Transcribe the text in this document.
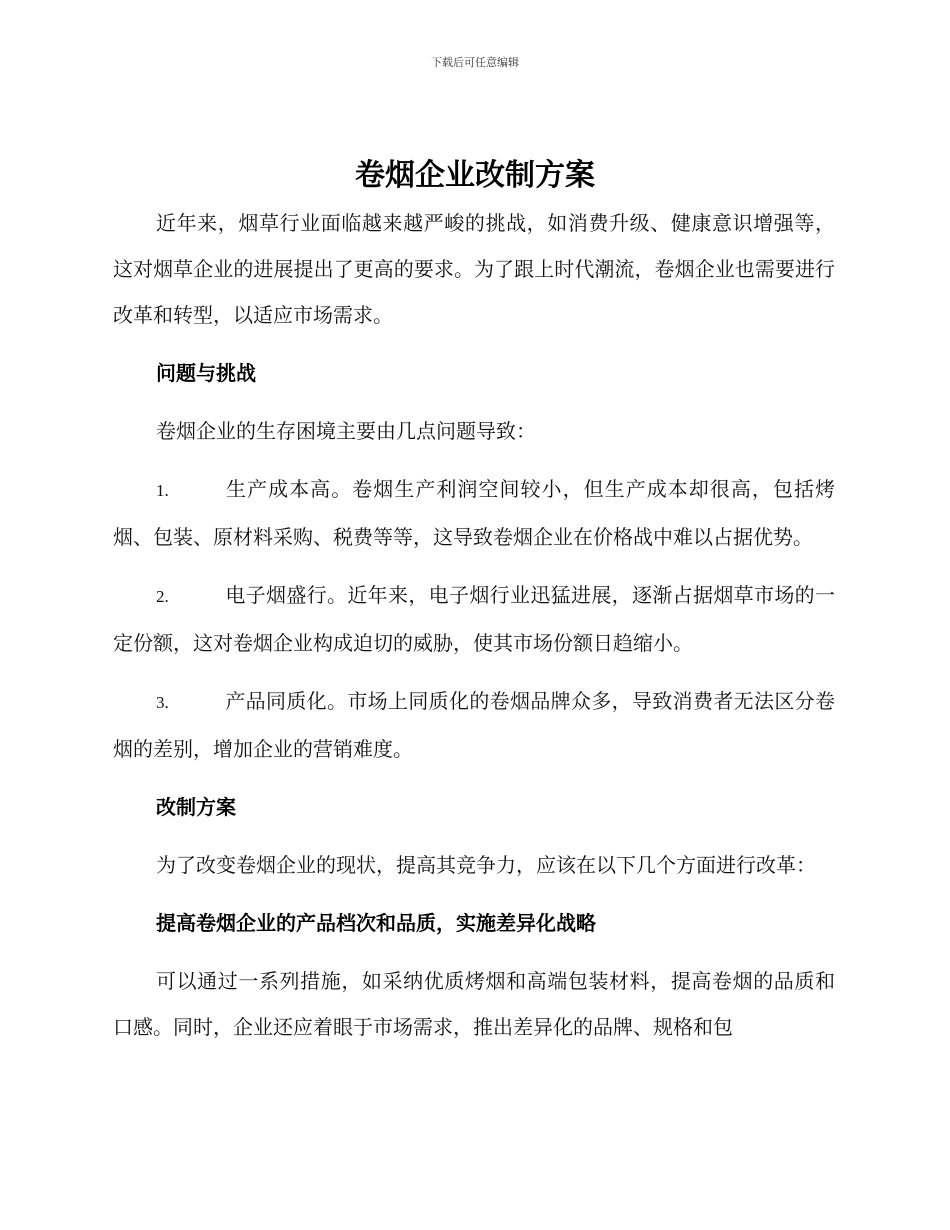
下载后可任意编辑
卷烟企业改制方案

近年来，烟草行业面临越来越严峻的挑战，如消费升级、健康意识增强等，这对烟草企业的进展提出了更高的要求。为了跟上时代潮流，卷烟企业也需要进行改革和转型，以适应市场需求。

问题与挑战

卷烟企业的生存困境主要由几点问题导致：

1.	生产成本高。卷烟生产利润空间较小，但生产成本却很高，包括烤烟、包装、原材料采购、税费等等，这导致卷烟企业在价格战中难以占据优势。

2.	电子烟盛行。近年来，电子烟行业迅猛进展，逐渐占据烟草市场的一定份额，这对卷烟企业构成迫切的威胁，使其市场份额日趋缩小。

3.	产品同质化。市场上同质化的卷烟品牌众多，导致消费者无法区分卷烟的差别，增加企业的营销难度。

改制方案

为了改变卷烟企业的现状，提高其竞争力，应该在以下几个方面进行改革：

提高卷烟企业的产品档次和品质，实施差异化战略

可以通过一系列措施，如采纳优质烤烟和高端包装材料，提高卷烟的品质和口感。同时，企业还应着眼于市场需求，推出差异化的品牌、规格和包
